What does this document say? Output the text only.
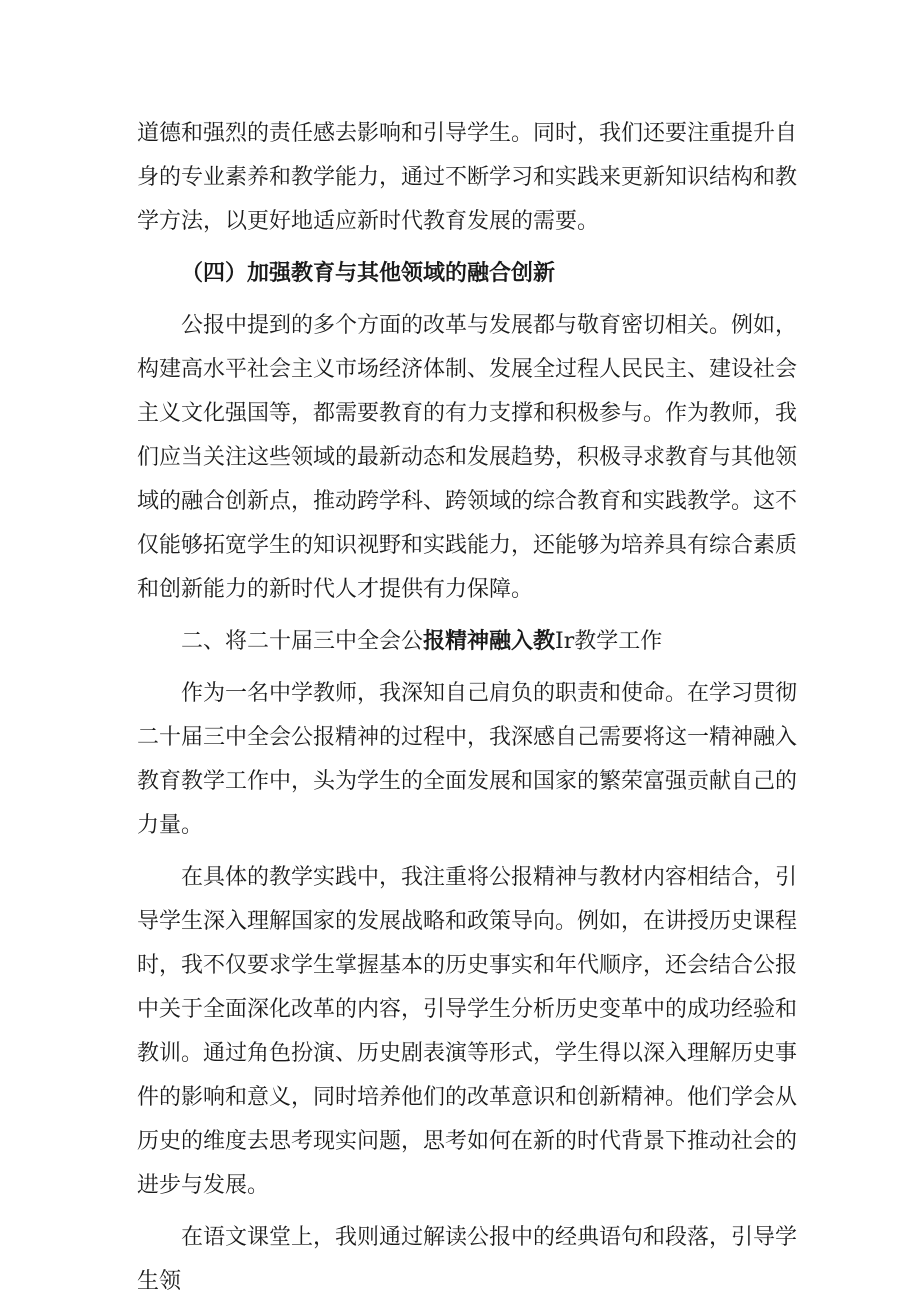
道德和强烈的责任感去影响和引导学生。同时，我们还要注重提升自身的专业素养和教学能力，通过不断学习和实践来更新知识结构和教学方法，以更好地适应新时代教育发展的需要。

（四）加强教育与其他领域的融合创新

公报中提到的多个方面的改革与发展都与敬育密切相关。例如，构建高水平社会主义市场经济体制、发展全过程人民民主、建设社会主义文化强国等，都需要教育的有力支撑和积极参与。作为教师，我们应当关注这些领域的最新动态和发展趋势，积极寻求教育与其他领域的融合创新点，推动跨学科、跨领域的综合教育和实践教学。这不仅能够拓宽学生的知识视野和实践能力，还能够为培养具有综合素质和创新能力的新时代人才提供有力保障。

二、将二十届三中全会公报精神融入教Ir教学工作

作为一名中学教师，我深知自己肩负的职责和使命。在学习贯彻二十届三中全会公报精神的过程中，我深感自己需要将这一精神融入教育教学工作中，头为学生的全面发展和国家的繁荣富强贡献自己的力量。

在具体的教学实践中，我注重将公报精神与教材内容相结合，引导学生深入理解国家的发展战略和政策导向。例如，在讲授历史课程时，我不仅要求学生掌握基本的历史事实和年代顺序，还会结合公报中关于全面深化改革的内容，引导学生分析历史变革中的成功经验和教训。通过角色扮演、历史剧表演等形式，学生得以深入理解历史事件的影响和意义，同时培养他们的改革意识和创新精神。他们学会从历史的维度去思考现实问题，思考如何在新的时代背景下推动社会的进步与发展。

在语文课堂上，我则通过解读公报中的经典语句和段落，引导学生领
